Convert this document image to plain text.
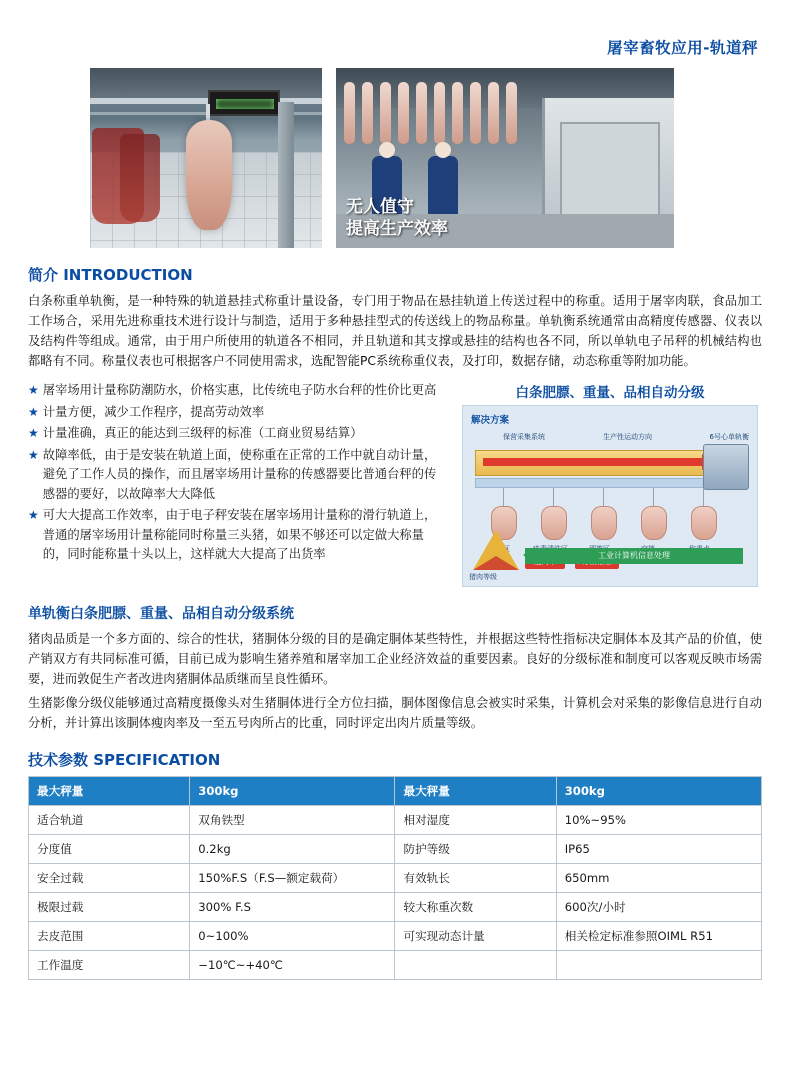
屠宰畜牧应用-轨道秤
无人值守
提高生产效率
简介 INTRODUCTION
白条称重单轨衡，是一种特殊的轨道悬挂式称重计量设备，专门用于物品在悬挂轨道上传送过程中的称重。适用于屠宰肉联，食品加工工作场合，采用先进称重技术进行设计与制造，适用于多种悬挂型式的传送线上的物品称量。单轨衡系统通常由高精度传感器、仪表以及结构件等组成。通常，由于用户所使用的轨道各不相同，并且轨道和其支撑或悬挂的结构也各不同，所以单轨电子吊秤的机械结构也都略有不同。称量仪表也可根据客户不同使用需求，选配智能PC系统称重仪表，及打印，数据存储，动态称重等附加功能。
★ 屠宰场用计量称防潮防水，价格实惠，比传统电子防水台秤的性价比更高
★ 计量方便，减少工作程序，提高劳动效率
★ 计量准确，真正的能达到三级秤的标准（工商业贸易结算）
★ 故障率低，由于是安装在轨道上面，使称重在正常的工作中就自动计量，避免了工作人员的操作，而且屠宰场用计量称的传感器要比普通台秤的传感器的要好，以故障率大大降低
★ 可大大提高工作效率，由于电子秤安装在屠宰场用计量称的滑行轨道上，普通的屠宰场用计量称能同时称量三头猪，如果不够还可以定做大称量的，同时能称量十头以上，这样就大大提高了出货率
白条肥膘、重量、品相自动分级
解决方案
保营采集系统	生产性运动方向	6号心单轨衡
投料区
猪肉等级
工业计算机信息处理
单轨衡白条肥膘、重量、品相自动分级系统
猪肉品质是一个多方面的、综合的性状，猪胴体分级的目的是确定胴体某些特性，并根据这些特性指标决定胴体本及其产品的价值，使产销双方有共同标准可循，目前已成为影响生猪养殖和屠宰加工企业经济效益的重要因素。良好的分级标准和制度可以客观反映市场需要，进而敦促生产者改进肉猪胴体品质继而呈良性循环。
生猪影像分级仪能够通过高精度摄像头对生猪胴体进行全方位扫描，胴体图像信息会被实时采集，计算机会对采集的影像信息进行自动分析，并计算出该胴体瘦肉率及一至五号肉所占的比重，同时评定出肉片质量等级。
技术参数 SPECIFICATION
最大秤量	300kg	最大秤量	300kg
适合轨道	双角铁型	相对湿度	10%~95%
分度值	0.2kg	防护等级	IP65
安全过载	150%F.S（F.S—额定载荷）	有效轨长	650mm
极限过载	300% F.S	较大称重次数	600次/小时
去皮范围	0~100%	可实现动态计量	相关检定标准参照OIML R51
工作温度	−10℃~+40℃		
